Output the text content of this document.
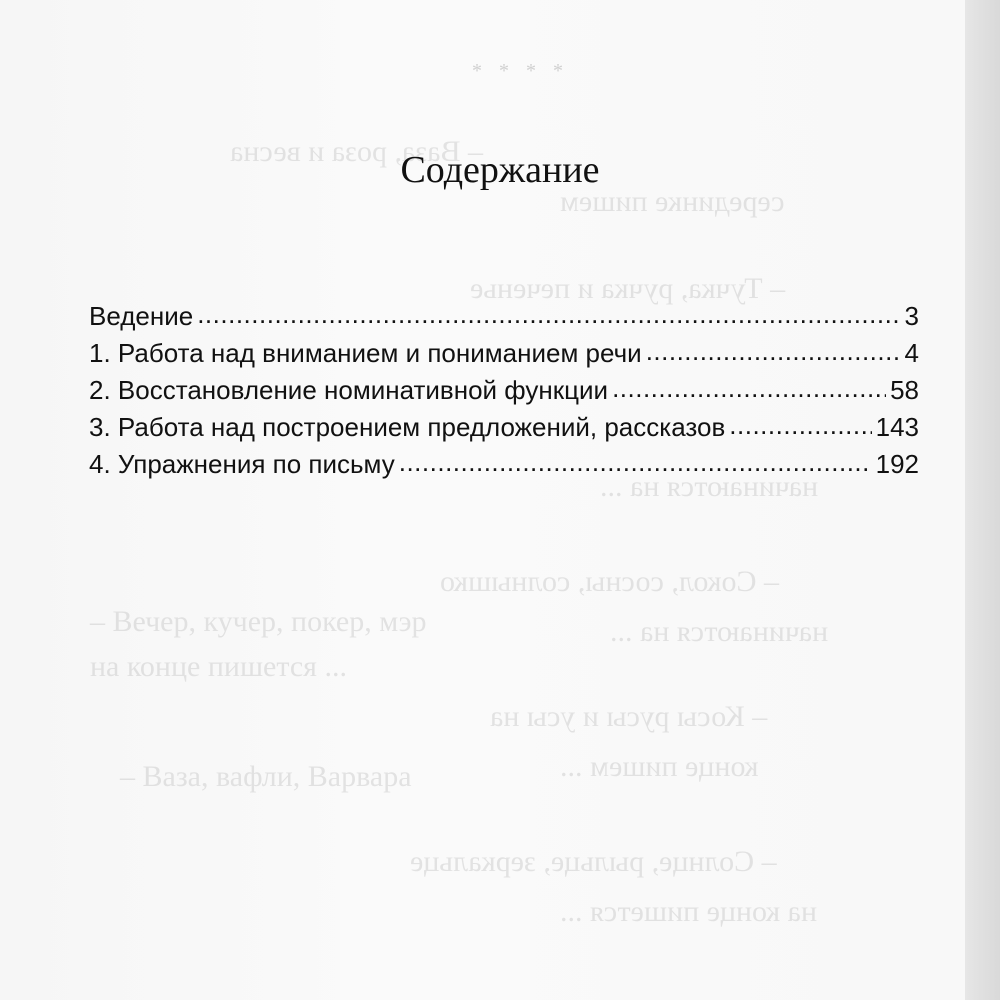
* * * *
– Ваза, роза и весна
серединке пишем
– Тучка, ручка и печенье
начинаются на ...
– Сокол, сосны, солнышко
начинаются на ...
– Косы русы и усы на
конце пишем ...
– Солнце, рыльце, зеркальце
на конце пишется ...
– Вечер, кучер, покер, мэр
на конце пишется ...
– Ваза, вафли, Варвара
Содержание
Ведение .....	3
1. Работа над вниманием и пониманием речи .....	4
2. Восстановление номинативной функции .....	58
3. Работа над построением предложений, рассказов .....	143
4. Упражнения по письму .....	192
